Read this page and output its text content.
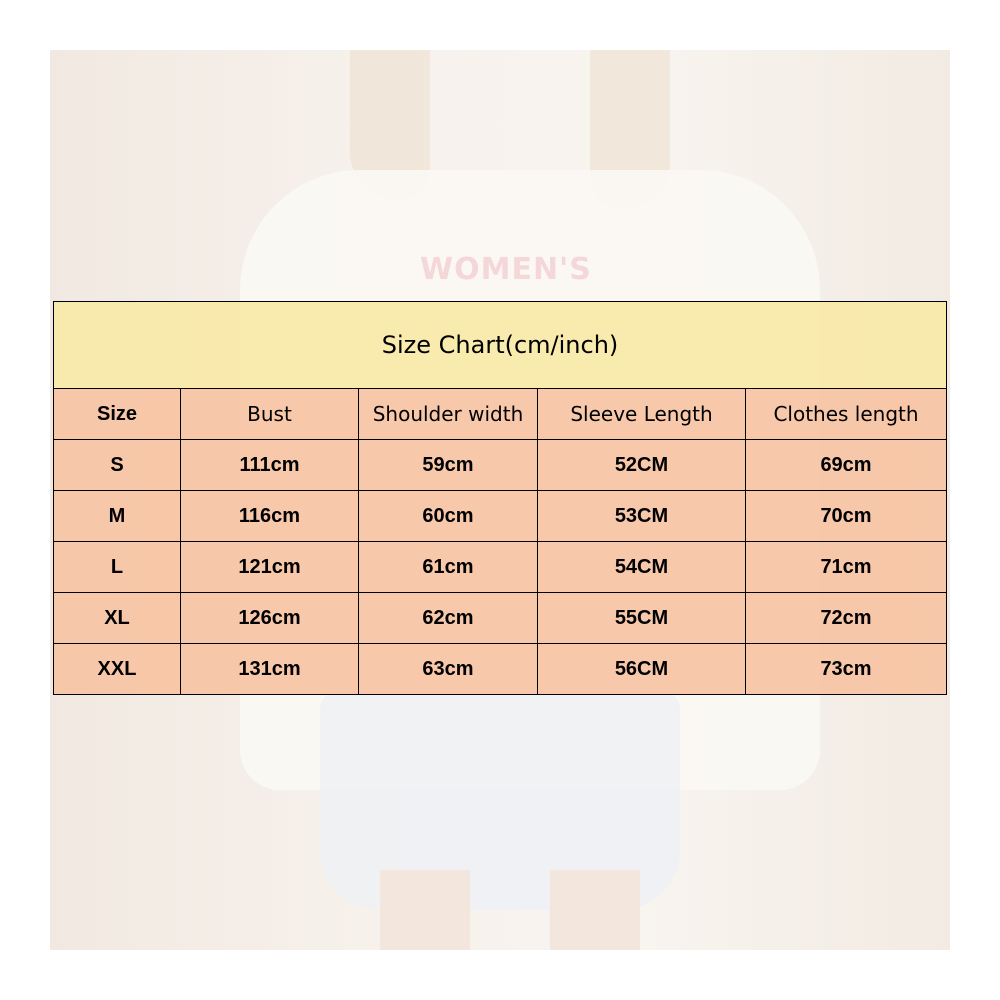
WOMEN'S
Size Chart(cm/inch)				
Size	Bust	Shoulder width	Sleeve Length	Clothes length
S	111cm	59cm	52CM	69cm
M	116cm	60cm	53CM	70cm
L	121cm	61cm	54CM	71cm
XL	126cm	62cm	55CM	72cm
XXL	131cm	63cm	56CM	73cm
